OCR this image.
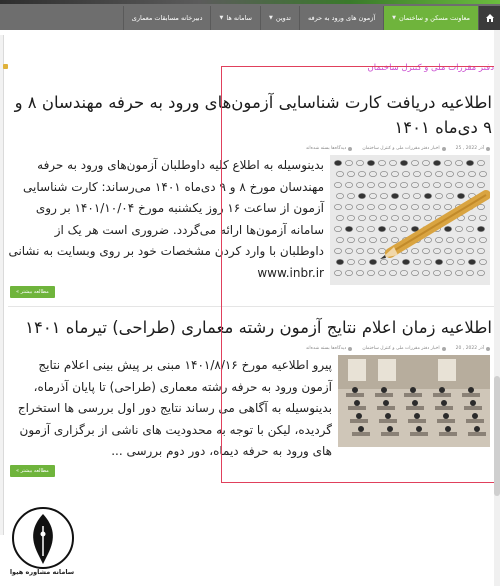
معاونت مسکن و ساختمان
▼
آزمون های ورود به حرفه
تدوین
▼
سامانه ها
▼
دبیرخانه مسابقات معماری
دفتر مقررات ملی و کنترل ساختمان
اطلاعیه دریافت کارت شناسایی آزمون‌های ورود به حرفه مهندسان ۸ و ۹ دی‌ماه ۱۴۰۱
آذر 2022 , 25
اخبار دفتر مقررات ملی و کنترل ساختمان
دیدگاه‌ها بسته شده‌اند

بدینوسیله به اطلاع کلیه داوطلبان آزمون‌های ورود به حرفه مهندسان مورخ ۸ و ۹ دی‌ماه ۱۴۰۱ می‌رساند: کارت شناسایی آزمون از ساعت ۱۶ روز یکشنبه مورخ ۱۴۰۱/۱۰/۰۴ بر روی سامانه آزمون‌ها ارائه می‌گردد. ضروری است هر یک از داوطلبان با وارد کردن مشخصات خود بر روی وبسایت به نشانی www.inbr.ir

مطالعه بیشتر »
اطلاعیه زمان اعلام نتایج آزمون رشته معماری (طراحی) تیرماه ۱۴۰۱
آذر 2022 , 20
اخبار دفتر مقررات ملی و کنترل ساختمان
دیدگاه‌ها بسته شده‌اند

پیرو اطلاعیه مورخ ۱۴۰۱/۸/۱۶ مبنی بر پیش بینی اعلام نتایج آزمون ورود به حرفه رشته معماری (طراحی) تا پایان آذرماه، بدینوسیله به آگاهی می رساند نتایج دور اول بررسی ها استخراج گردیده، لیکن با توجه به محدودیت های ناشی از برگزاری آزمون های ورود به حرفه دیماه، دور دوم بررسی ...

مطالعه بیشتر »
سامانه مشاوره هیوا
